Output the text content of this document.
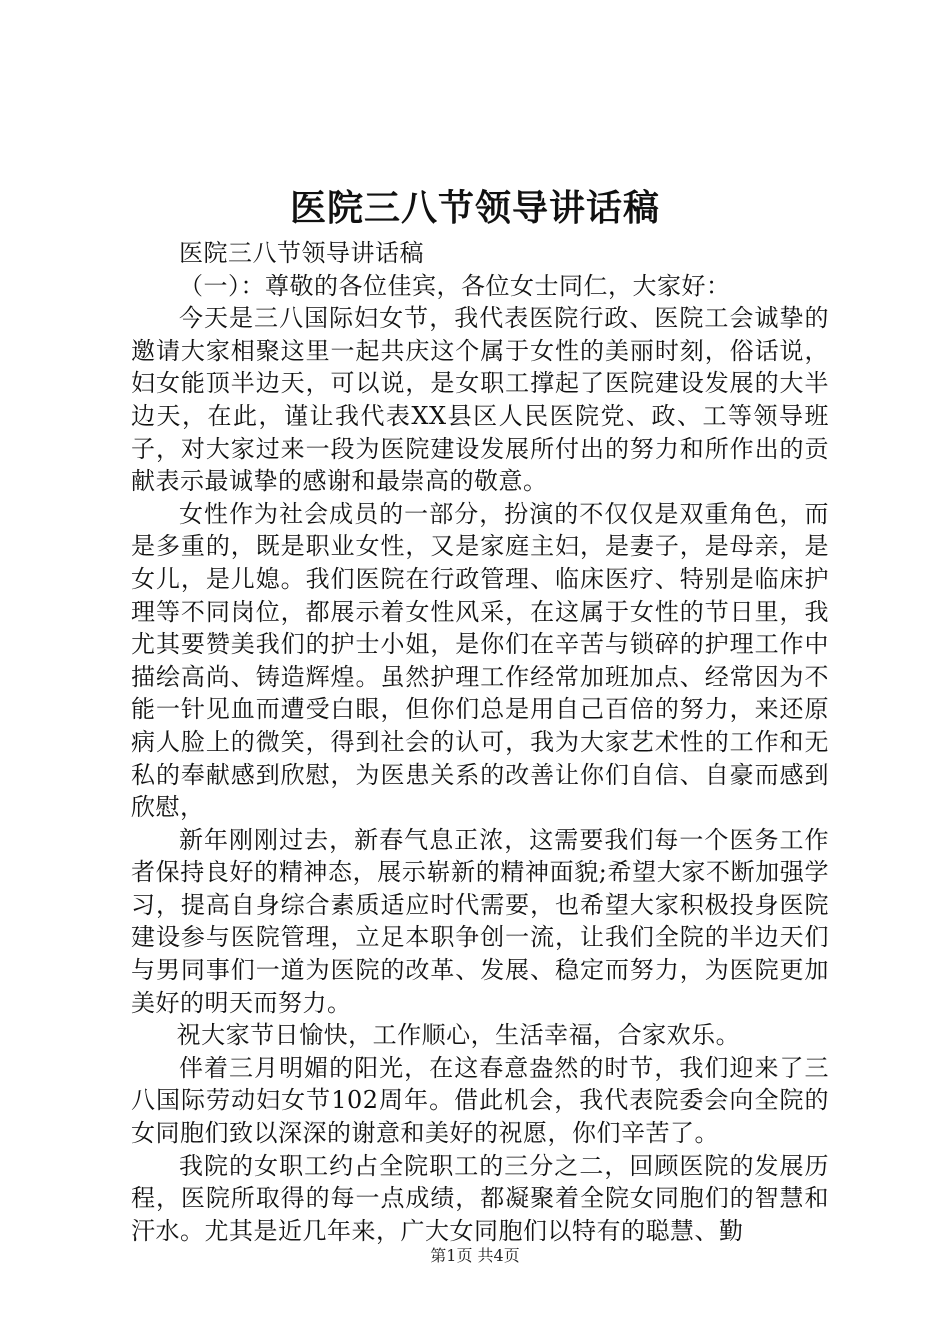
医院三八节领导讲话稿

医院三八节领导讲话稿

（一）：尊敬的各位佳宾，各位女士同仁，大家好：

今天是三八国际妇女节，我代表医院行政、医院工会诚挚的邀请大家相聚这里一起共庆这个属于女性的美丽时刻，俗话说，妇女能顶半边天，可以说，是女职工撑起了医院建设发展的大半边天，在此，谨让我代表XX县区人民医院党、政、工等领导班子，对大家过来一段为医院建设发展所付出的努力和所作出的贡献表示最诚挚的感谢和最崇高的敬意。

女性作为社会成员的一部分，扮演的不仅仅是双重角色，而是多重的，既是职业女性，又是家庭主妇，是妻子，是母亲，是女儿，是儿媳。我们医院在行政管理、临床医疗、特别是临床护理等不同岗位，都展示着女性风采，在这属于女性的节日里，我尤其要赞美我们的护士小姐，是你们在辛苦与锁碎的护理工作中描绘高尚、铸造辉煌。虽然护理工作经常加班加点、经常因为不能一针见血而遭受白眼，但你们总是用自己百倍的努力，来还原病人脸上的微笑，得到社会的认可，我为大家艺术性的工作和无私的奉献感到欣慰，为医患关系的改善让你们自信、自豪而感到欣慰，

新年刚刚过去，新春气息正浓，这需要我们每一个医务工作者保持良好的精神态，展示崭新的精神面貌;希望大家不断加强学习，提高自身综合素质适应时代需要，也希望大家积极投身医院建设参与医院管理，立足本职争创一流，让我们全院的半边天们与男同事们一道为医院的改革、发展、稳定而努力，为医院更加美好的明天而努力。

祝大家节日愉快，工作顺心，生活幸福，合家欢乐。

伴着三月明媚的阳光，在这春意盎然的时节，我们迎来了三八国际劳动妇女节102周年。借此机会，我代表院委会向全院的女同胞们致以深深的谢意和美好的祝愿，你们辛苦了。

我院的女职工约占全院职工的三分之二，回顾医院的发展历程，医院所取得的每一点成绩，都凝聚着全院女同胞们的智慧和汗水。尤其是近几年来，广大女同胞们以特有的聪慧、勤

第1页 共4页
